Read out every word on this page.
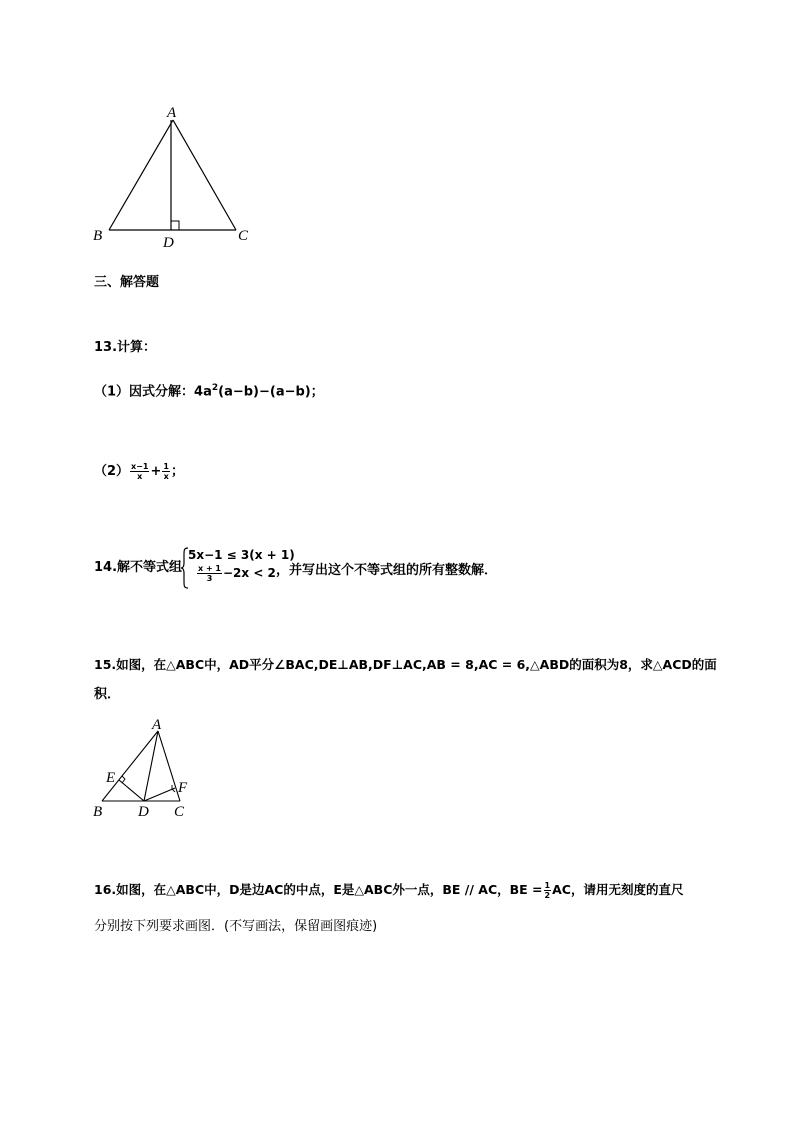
A
B	C
D
三、解答题
13.计算：
（1）因式分解：$4a^2(a-b)-(a-b)$；
$(2) \frac{x-1}{x} + \frac{1}{x}$ ；
14.解不等式组
5x−1 ≤ 3(x + 1)
$\frac{x + 1}{3} -2x < 2$ ，并写出这个不等式组的所有整数解．
15.如图，在△ABC中，AD平分∠BAC,DE⊥AB,DF⊥AC,AB = 8,AC = 6,△ABD的面积为8，求△ACD的面
积．
A
E
F
B D C
16.如图，在△ABC中，D是边AC的中点，E是△ABC外一点，BE // AC，BE = $\frac{1}{2}$ AC，请用无刻度的直尺
分别按下列要求画图．(不写画法，保留画图痕迹)
